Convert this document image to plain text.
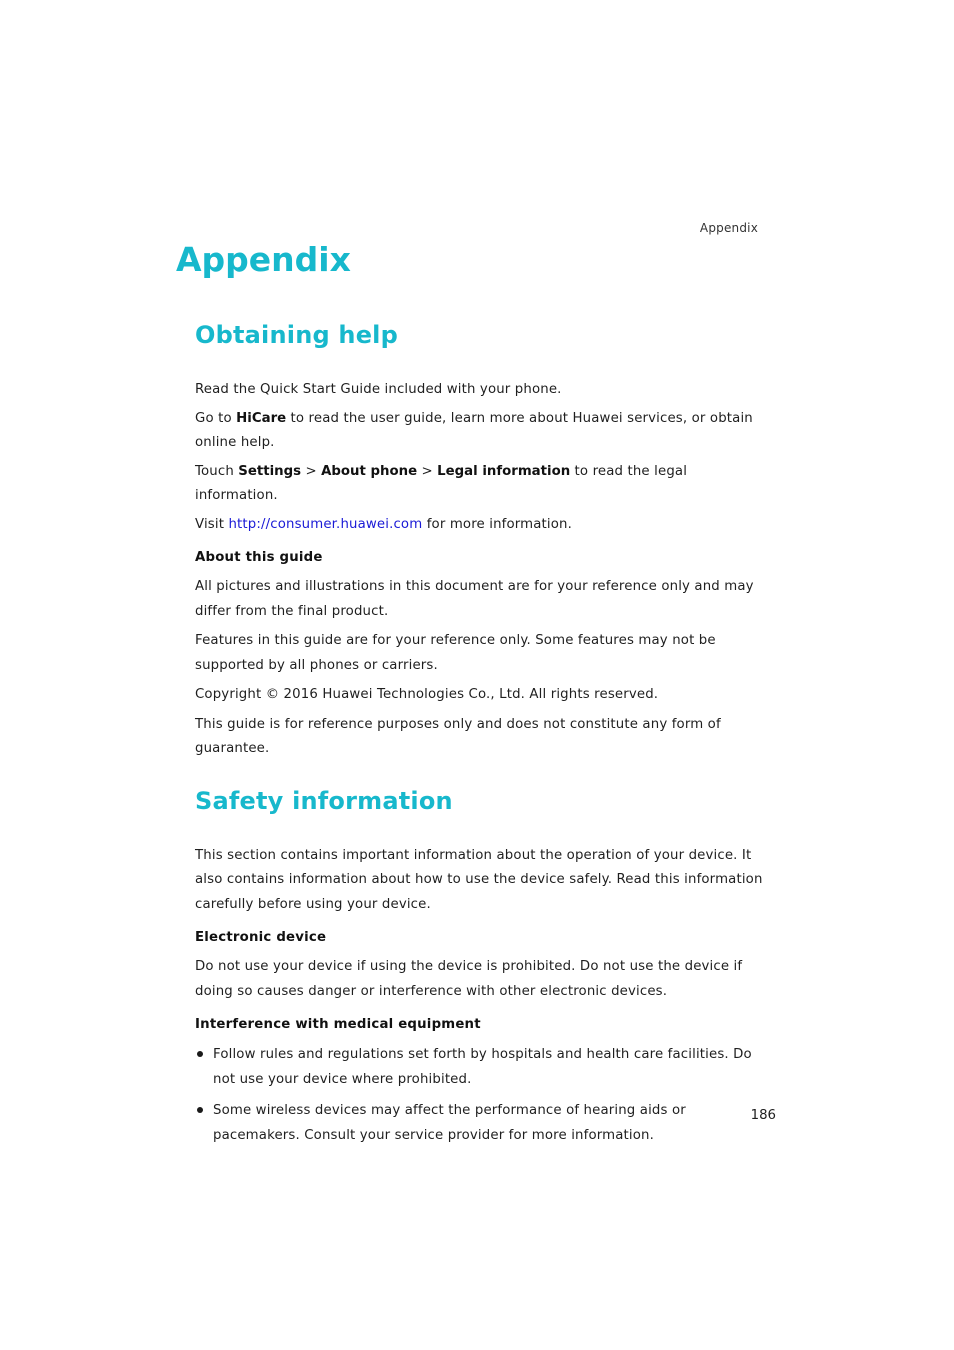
Appendix
Appendix
Obtaining help

Read the Quick Start Guide included with your phone.

Go to HiCare to read the user guide, learn more about Huawei services, or obtain online help.

Touch Settings > About phone > Legal information to read the legal information.

Visit http://consumer.huawei.com for more information.

About this guide

All pictures and illustrations in this document are for your reference only and may differ from the final product.

Features in this guide are for your reference only. Some features may not be supported by all phones or carriers.

Copyright © 2016 Huawei Technologies Co., Ltd. All rights reserved.

This guide is for reference purposes only and does not constitute any form of guarantee.

Safety information

This section contains important information about the operation of your device. It also contains information about how to use the device safely. Read this information carefully before using your device.

Electronic device

Do not use your device if using the device is prohibited. Do not use the device if doing so causes danger or interference with other electronic devices.

Interference with medical equipment
Follow rules and regulations set forth by hospitals and health care facilities. Do not use your device where prohibited.
Some wireless devices may affect the performance of hearing aids or pacemakers. Consult your service provider for more information.
186
